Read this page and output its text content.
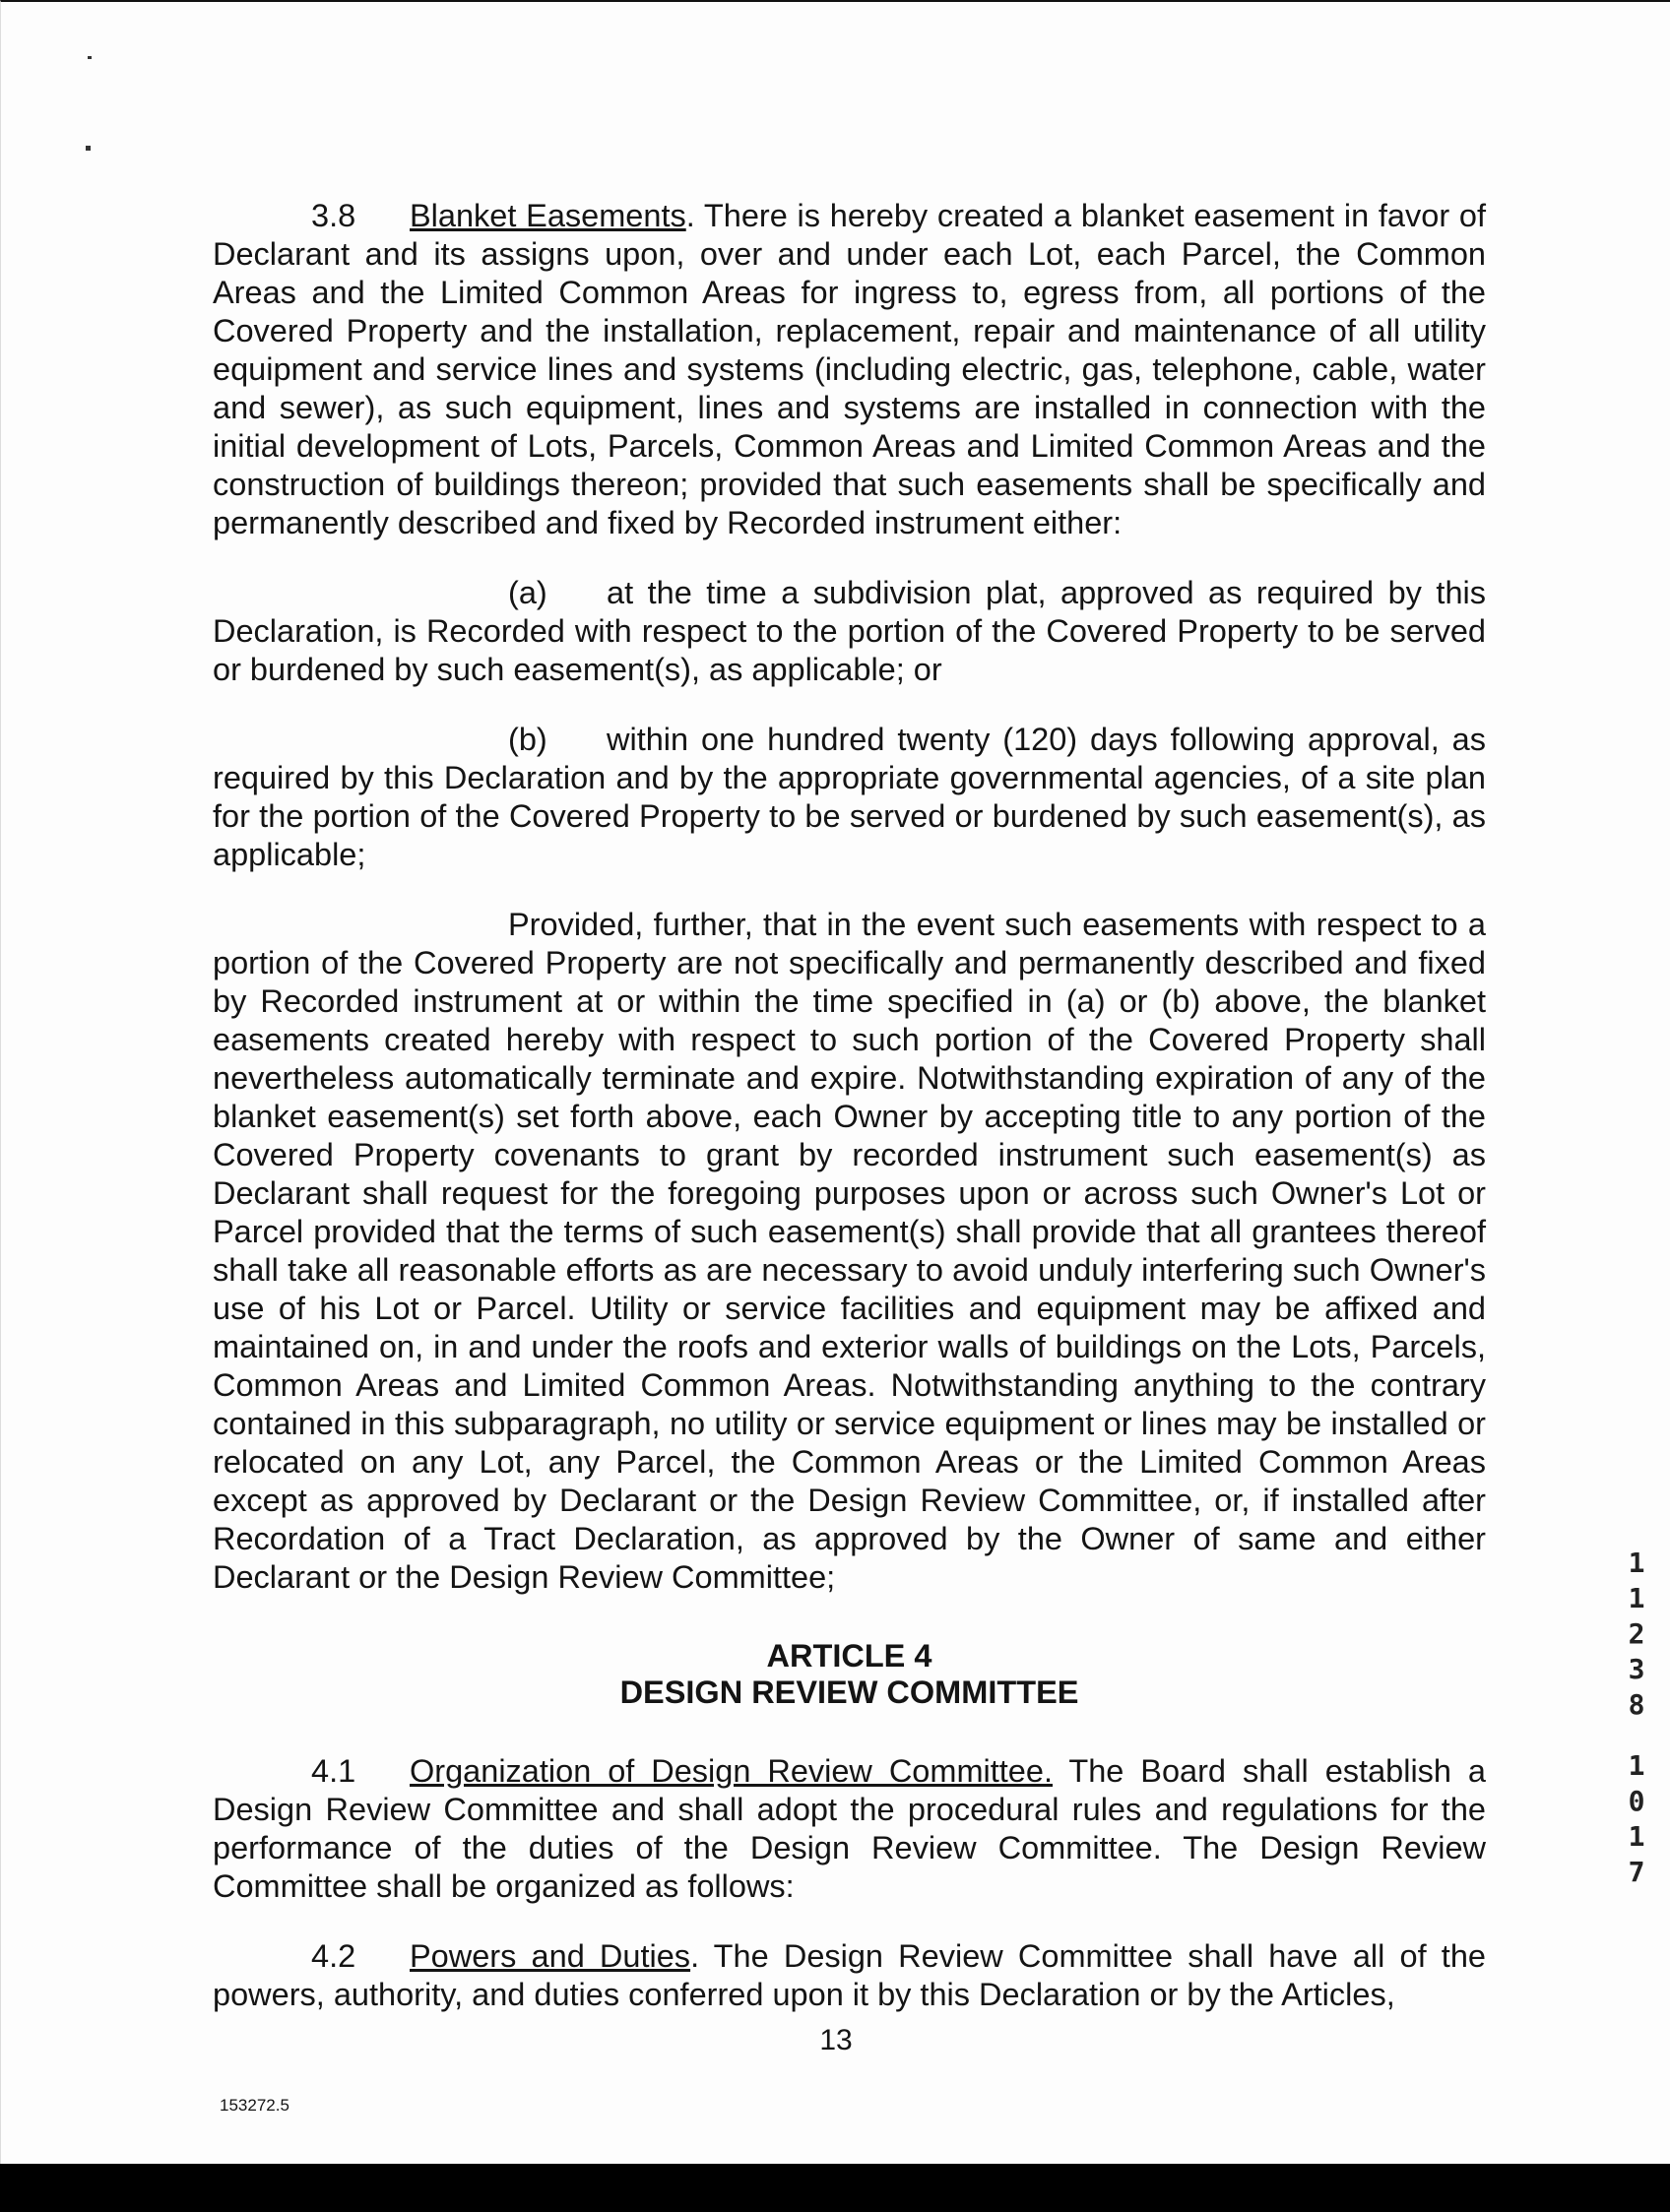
3.8 Blanket Easements. There is hereby created a blanket easement in favor of Declarant and its assigns upon, over and under each Lot, each Parcel, the Common Areas and the Limited Common Areas for ingress to, egress from, all portions of the Covered Property and the installation, replacement, repair and maintenance of all utility equipment and service lines and systems (including electric, gas, telephone, cable, water and sewer), as such equipment, lines and systems are installed in connection with the initial development of Lots, Parcels, Common Areas and Limited Common Areas and the construction of buildings thereon; provided that such easements shall be specifically and permanently described and fixed by Recorded instrument either:

(a) at the time a subdivision plat, approved as required by this Declaration, is Recorded with respect to the portion of the Covered Property to be served or burdened by such easement(s), as applicable; or

(b) within one hundred twenty (120) days following approval, as required by this Declaration and by the appropriate governmental agencies, of a site plan for the portion of the Covered Property to be served or burdened by such easement(s), as applicable;

Provided, further, that in the event such easements with respect to a portion of the Covered Property are not specifically and permanently described and fixed by Recorded instrument at or within the time specified in (a) or (b) above, the blanket easements created hereby with respect to such portion of the Covered Property shall nevertheless automatically terminate and expire. Notwithstanding expiration of any of the blanket easement(s) set forth above, each Owner by accepting title to any portion of the Covered Property covenants to grant by recorded instrument such easement(s) as Declarant shall request for the foregoing purposes upon or across such Owner's Lot or Parcel provided that the terms of such easement(s) shall provide that all grantees thereof shall take all reasonable efforts as are necessary to avoid unduly interfering such Owner's use of his Lot or Parcel. Utility or service facilities and equipment may be affixed and maintained on, in and under the roofs and exterior walls of buildings on the Lots, Parcels, Common Areas and Limited Common Areas. Notwithstanding anything to the contrary contained in this subparagraph, no utility or service equipment or lines may be installed or relocated on any Lot, any Parcel, the Common Areas or the Limited Common Areas except as approved by Declarant or the Design Review Committee, or, if installed after Recordation of a Tract Declaration, as approved by the Owner of same and either Declarant or the Design Review Committee;

ARTICLE 4
DESIGN REVIEW COMMITTEE

4.1 Organization of Design Review Committee. The Board shall establish a Design Review Committee and shall adopt the procedural rules and regulations for the performance of the duties of the Design Review Committee. The Design Review Committee shall be organized as follows:

4.2 Powers and Duties. The Design Review Committee shall have all of the powers, authority, and duties conferred upon it by this Declaration or by the Articles,

1
1
2
3
8
1
0
1
7
13
153272.5
